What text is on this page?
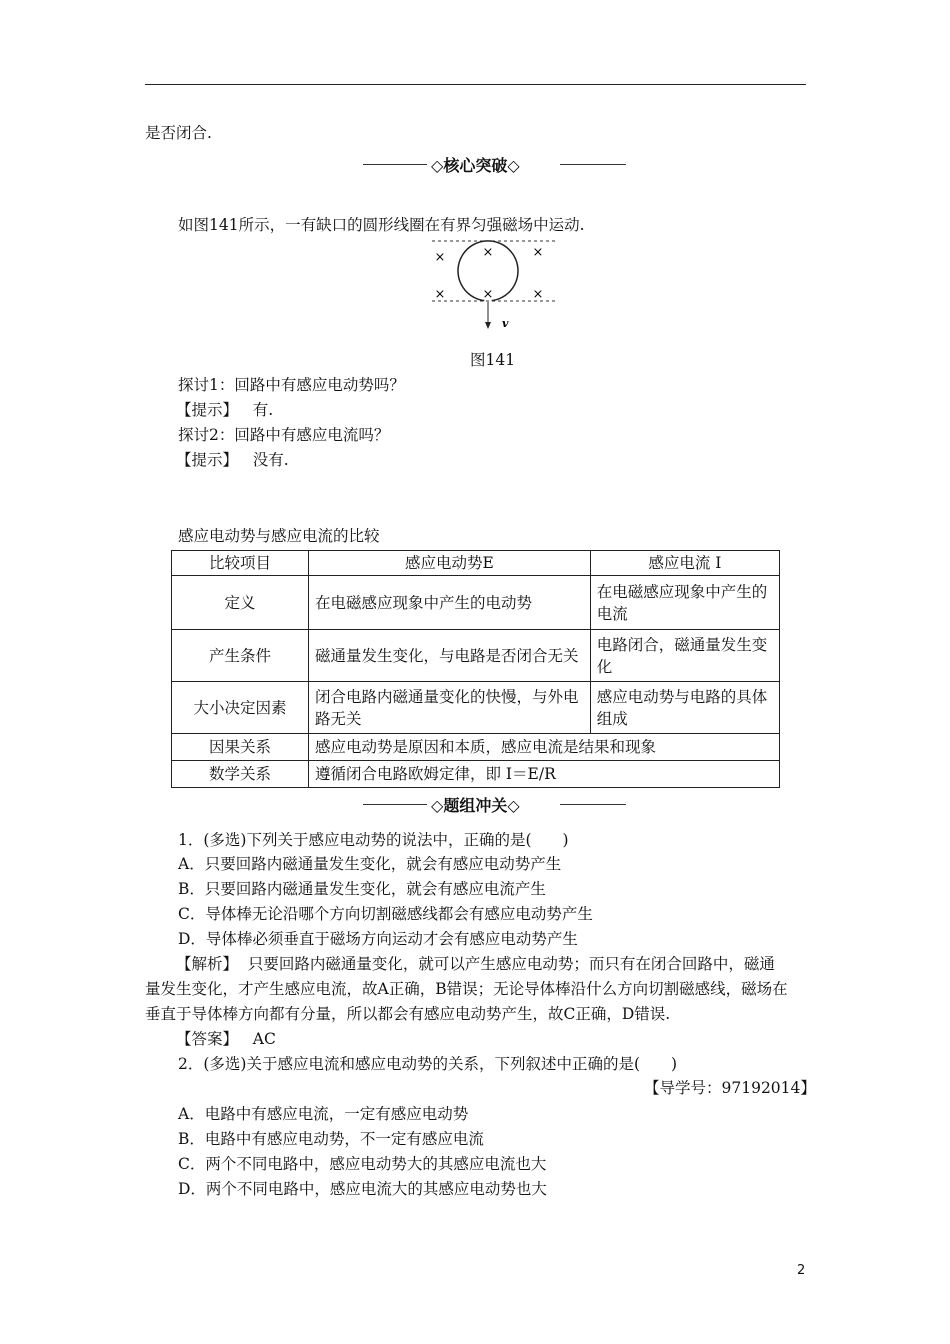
是否闭合.
◇核心突破◇
如图141所示，一有缺口的圆形线圈在有界匀强磁场中运动.
×	×	×
×	×	×
v
图141
探讨1：回路中有感应电动势吗？
【提示】 有.
探讨2：回路中有感应电流吗？
【提示】 没有.
感应电动势与感应电流的比较
比较项目	感应电动势E	感应电流 I
定义	在电磁感应现象中产生的电动势	在电磁感应现象中产生的电流
产生条件	磁通量发生变化，与电路是否闭合无关	电路闭合，磁通量发生变化
大小决定因素	闭合电路内磁通量变化的快慢，与外电路无关	感应电动势与电路的具体组成
因果关系	感应电动势是原因和本质，感应电流是结果和现象	
数学关系	遵循闭合电路欧姆定律，即 I＝E/R	
◇题组冲关◇
1．(多选)下列关于感应电动势的说法中，正确的是(　　)
A．只要回路内磁通量发生变化，就会有感应电动势产生
B．只要回路内磁通量发生变化，就会有感应电流产生
C．导体棒无论沿哪个方向切割磁感线都会有感应电动势产生
D．导体棒必须垂直于磁场方向运动才会有感应电动势产生
【解析】 只要回路内磁通量变化，就可以产生感应电动势；而只有在闭合回路中，磁通
量发生变化，才产生感应电流，故A正确，B错误；无论导体棒沿什么方向切割磁感线，磁场在
垂直于导体棒方向都有分量，所以都会有感应电动势产生，故C正确，D错误.
【答案】 AC
2．(多选)关于感应电流和感应电动势的关系，下列叙述中正确的是(　　)
【导学号：97192014】
A．电路中有感应电流，一定有感应电动势
B．电路中有感应电动势，不一定有感应电流
C．两个不同电路中，感应电动势大的其感应电流也大
D．两个不同电路中，感应电流大的其感应电动势也大
2
